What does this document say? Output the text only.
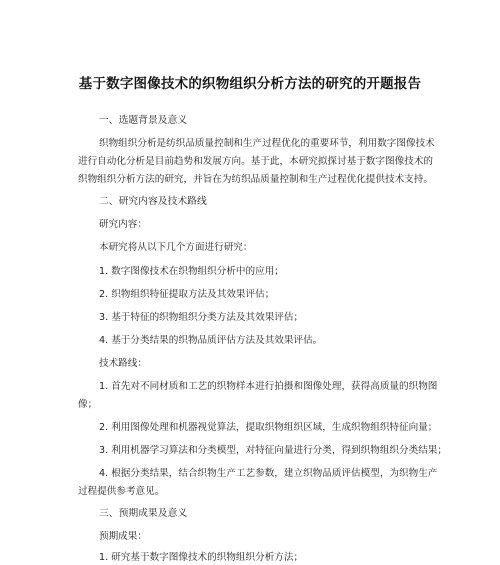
基于数字图像技术的织物组织分析方法的研究的开题报告
一、选题背景及意义
织物组织分析是纺织品质量控制和生产过程优化的重要环节，利用数字图像技术
进行自动化分析是目前趋势和发展方向。基于此，本研究拟探讨基于数字图像技术的
织物组织分析方法的研究，并旨在为纺织品质量控制和生产过程优化提供技术支持。
二、研究内容及技术路线
研究内容：
本研究将从以下几个方面进行研究：
1. 数字图像技术在织物组织分析中的应用；
2. 织物组织特征提取方法及其效果评估；
3. 基于特征的织物组织分类方法及其效果评估；
4. 基于分类结果的织物品质评估方法及其效果评估。
技术路线：
1. 首先对不同材质和工艺的织物样本进行拍摄和图像处理，获得高质量的织物图
像；
2. 利用图像处理和机器视觉算法，提取织物组织区域，生成织物组织特征向量；
3. 利用机器学习算法和分类模型，对特征向量进行分类，得到织物组织分类结果；
4. 根据分类结果，结合织物生产工艺参数，建立织物品质评估模型，为织物生产
过程提供参考意见。
三、预期成果及意义
预期成果：
1. 研究基于数字图像技术的织物组织分析方法；
